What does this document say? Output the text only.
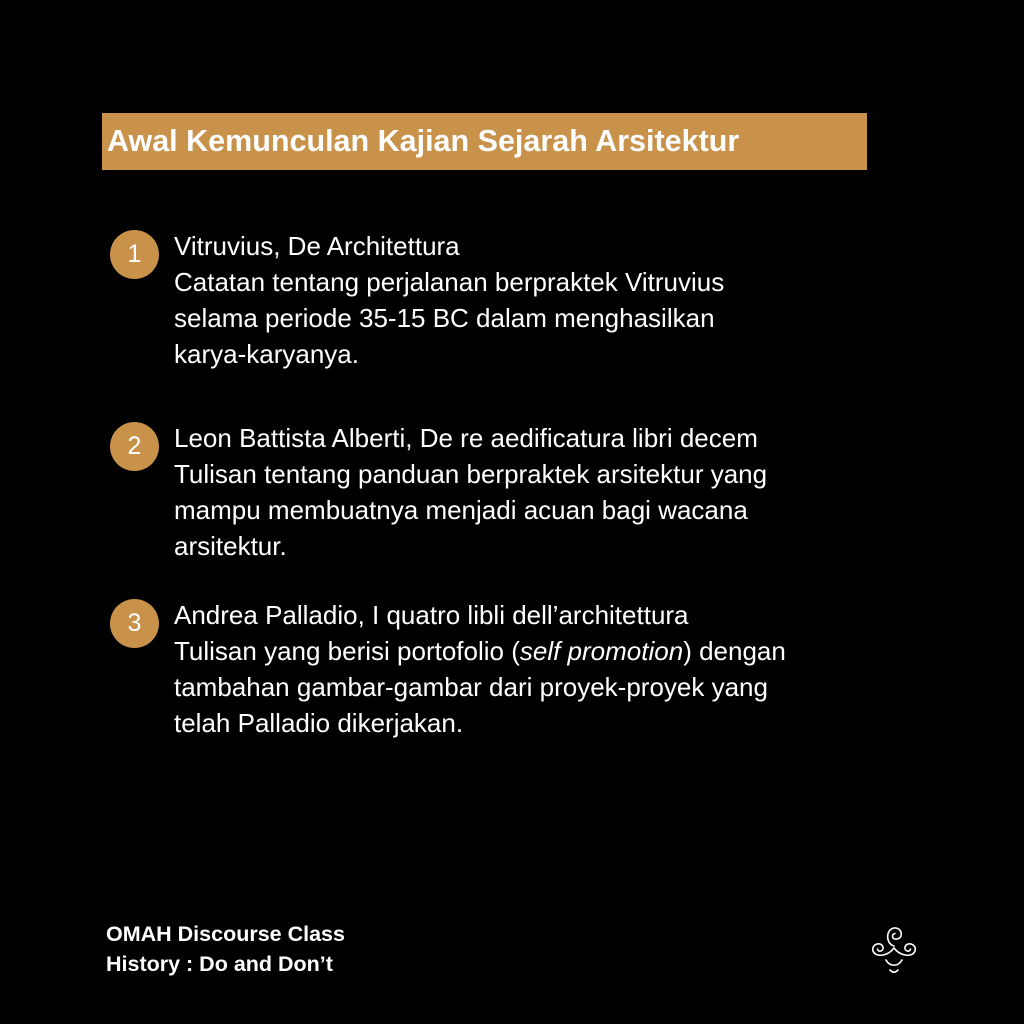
Awal Kemunculan Kajian Sejarah Arsitektur
1	Vitruvius, De Architettura
Catatan tentang perjalanan berpraktek Vitruvius
selama periode 35-15 BC dalam menghasilkan
karya-karyanya.
2	Leon Battista Alberti, De re aedificatura libri decem
Tulisan tentang panduan berpraktek arsitektur yang
mampu membuatnya menjadi acuan bagi wacana
arsitektur.
3	Andrea Palladio, I quatro libli dell’architettura
Tulisan yang berisi portofolio (self promotion) dengan
tambahan gambar-gambar dari proyek-proyek yang
telah Palladio dikerjakan.
OMAH Discourse Class
History : Do and Don’t
